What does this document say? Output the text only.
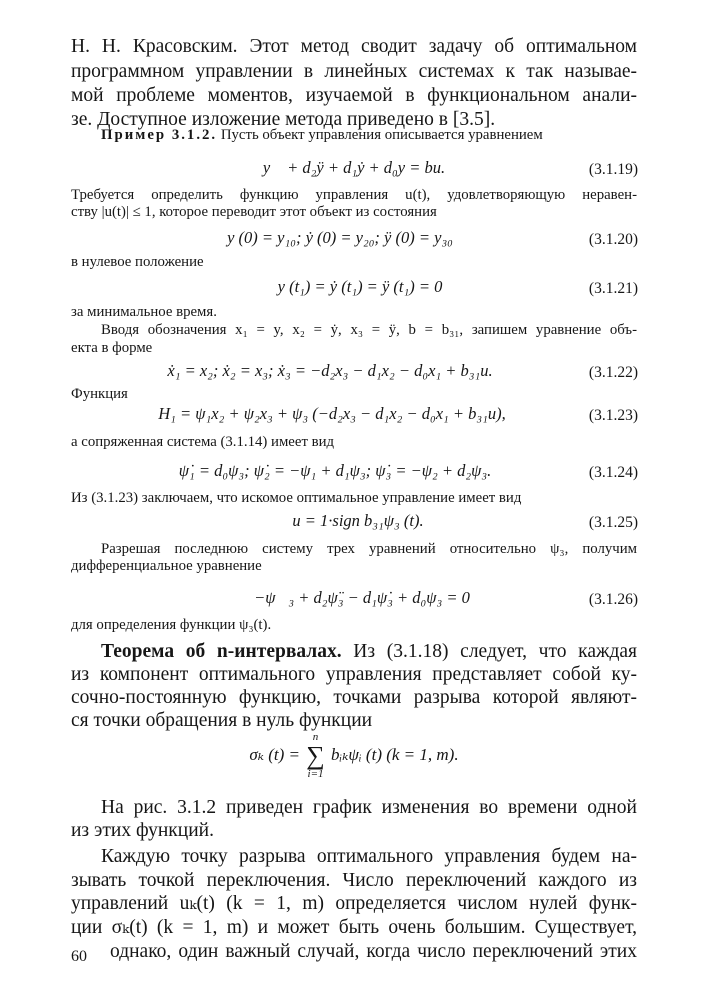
Н. Н. Красовским. Этот метод сводит задачу об оптимальном
программном управлении в линейных системах к так называе-
мой проблеме моментов, изучаемой в функциональном анали-
зе. Доступное изложение метода приведено в [3.5].
Пример 3.1.2. Пусть объект управления описывается уравнением
y⃛ + d₂ÿ + d₁ẏ + d₀y = bu.	(3.1.19)
Требуется определить функцию управления u(t), удовлетворяющую неравен-
ству |u(t)| ≤ 1, которое переводит этот объект из состояния
y (0) = y₁₀; ẏ (0) = y₂₀; ÿ (0) = y₃₀	(3.1.20)
в нулевое положение
y (t₁) = ẏ (t₁) = ÿ (t₁) = 0	(3.1.21)
за минимальное время.
Вводя обозначения x₁ = y, x₂ = ẏ, x₃ = ÿ, b = b₃₁, запишем уравнение объ-
екта в форме
ẋ₁ = x₂; ẋ₂ = x₃; ẋ₃ = −d₂x₃ − d₁x₂ − d₀x₁ + b₃₁u.	(3.1.22)
Функция
H₁ = ψ₁x₂ + ψ₂x₃ + ψ₃ (−d₂x₃ − d₁x₂ − d₀x₁ + b₃₁u),	(3.1.23)
а сопряженная система (3.1.14) имеет вид
ψ̇₁ = d₀ψ₃; ψ̇₂ = −ψ₁ + d₁ψ₃; ψ̇₃ = −ψ₂ + d₂ψ₃.	(3.1.24)
Из (3.1.23) заключаем, что искомое оптимальное управление имеет вид
u = 1·sign b₃₁ψ₃ (t).	(3.1.25)
Разрешая последнюю систему трех уравнений относительно ψ₃, получим
дифференциальное уравнение
−ψ⃛₃ + d₂ψ̈₃ − d₁ψ̇₃ + d₀ψ₃ = 0	(3.1.26)
для определения функции ψ₃(t).
Теорема об n-интервалах. Из (3.1.18) следует, что каждая
из компонент оптимального управления представляет собой ку-
сочно-постоянную функцию, точками разрыва которой являют-
ся точки обращения в нуль функции
σₖ (t) =
n
∑
i=1
bᵢₖψᵢ (t) (k = 1, m).
На рис. 3.1.2 приведен график изменения во времени одной
из этих функций.
Каждую точку разрыва оптимального управления будем на-
зывать точкой переключения. Число переключений каждого из
управлений uₖ(t) (k = 1, m) определяется числом нулей функ-
ции σₖ(t) (k = 1, m) и может быть очень большим. Существует,
однако, один важный случай, когда число переключений этих
60
